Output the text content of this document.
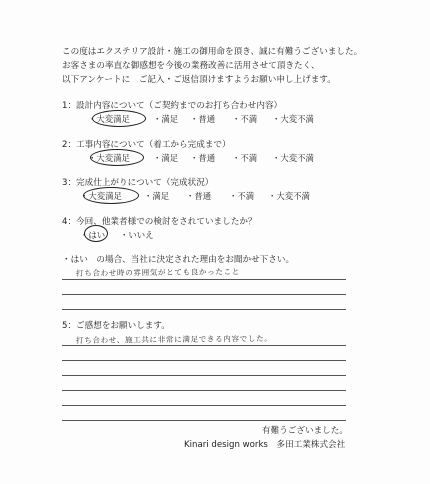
この度はエクステリア設計・施工の御用命を頂き、誠に有難うございました。
お客さまの率直な御感想を今後の業務改善に活用させて頂きたく、
以下アンケートに　ご記入・ご返信頂けますようお願い申し上げます。
1：設計内容について（ご契約までのお打ち合わせ内容）
・大変満足	・満足 ・普通 ・不満 ・大変不満
2：工事内容について（着工から完成まで）
・大変満足	・満足 ・普通 ・不満 ・大変不満
3：完成仕上がりについて（完成状況）
・大変満足	・満足 ・普通 ・不満 ・大変不満
4：今回、他業者様での検討をされていましたか？
・はい ・いいえ
・はい　の場合、当社に決定された理由をお聞かせ下さい。
打ち合わせ時の雰囲気がとても良かったこと
5：ご感想をお願いします。
打ち合わせ、施工共に非常に満足できる内容でした。
有難うございました。
Kinari design works　多田工業株式会社
